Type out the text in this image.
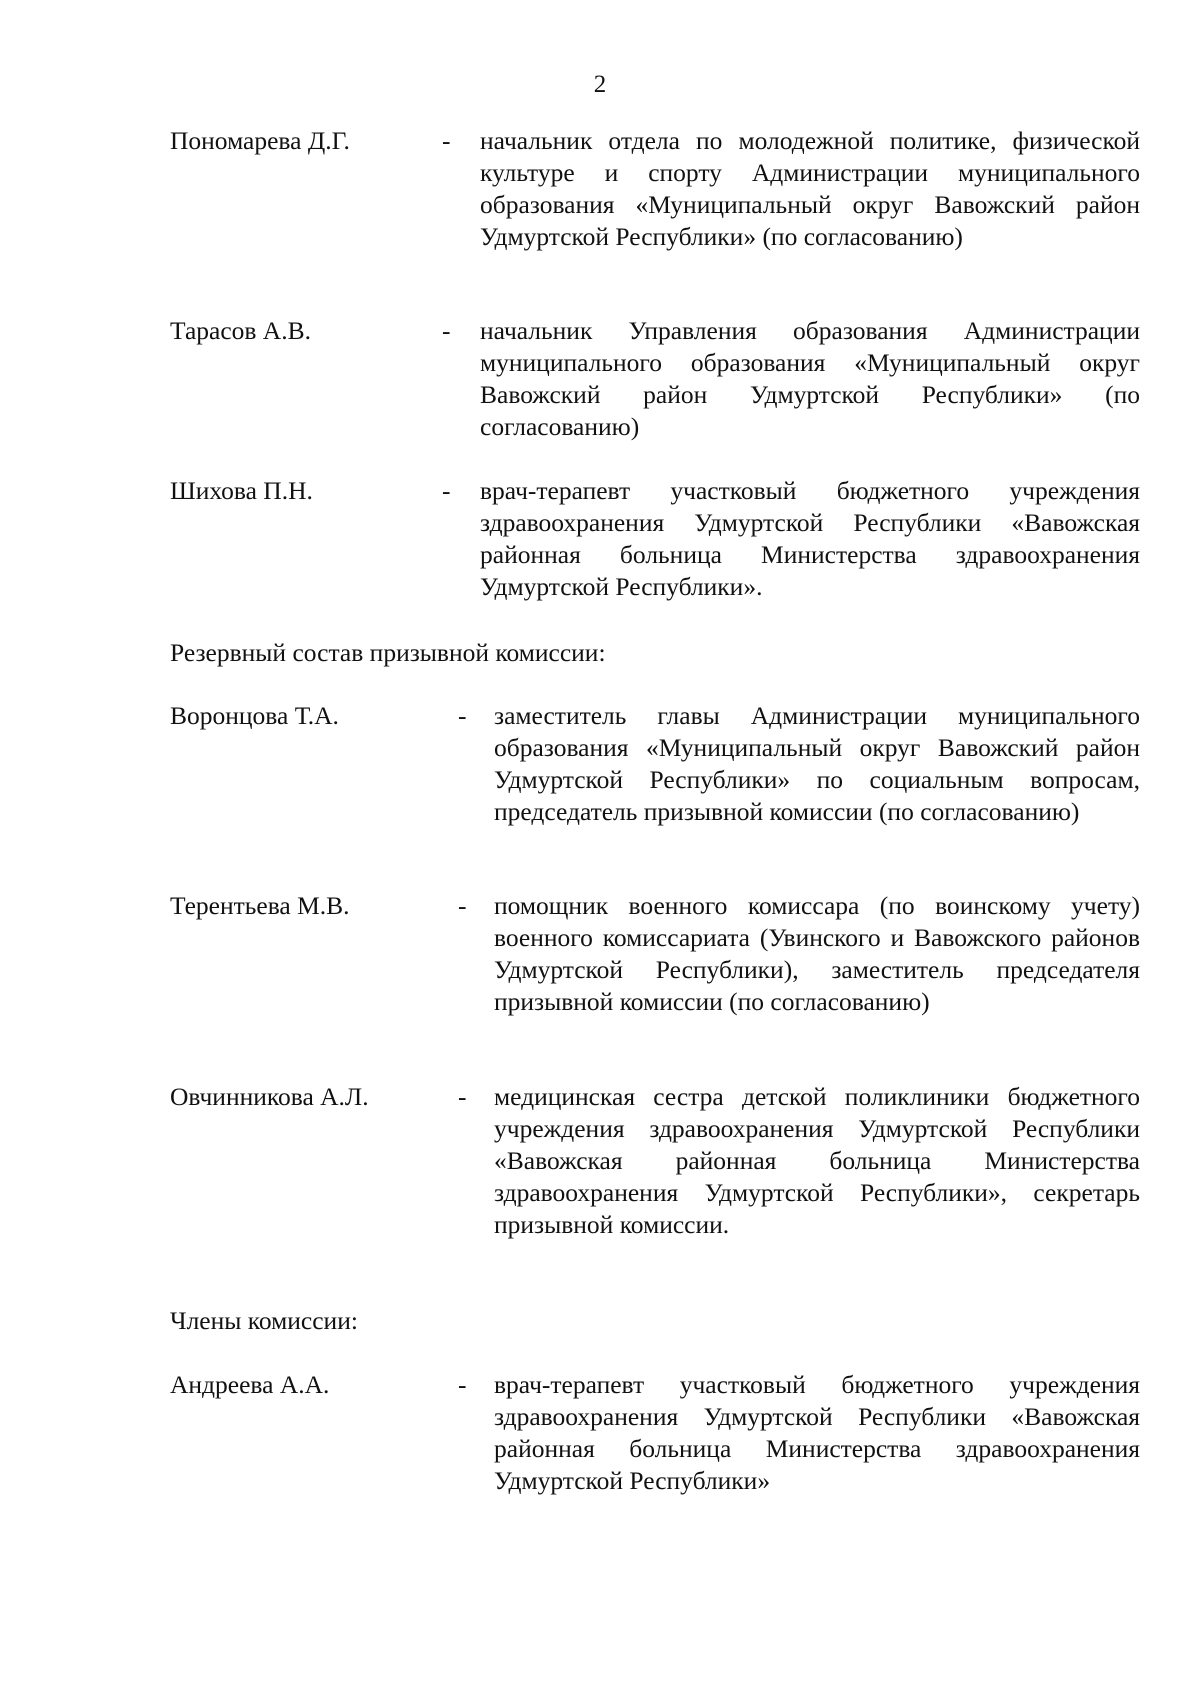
2
Пономарева Д.Г.	- начальник отдела по молодежной политике, физической культуре и спорту Администрации муниципального образования «Муниципальный округ Вавожский район Удмуртской Республики» (по согласованию)
Тарасов А.В.	- начальник Управления образования Администрации муниципального образования «Муниципальный округ Вавожский район Удмуртской Республики» (по согласованию)
Шихова П.Н.	- врач-терапевт участковый бюджетного учреждения здравоохранения Удмуртской Республики «Вавожская районная больница Министерства здравоохранения Удмуртской Республики».
Резервный состав призывной комиссии:
Воронцова Т.А.	- заместитель главы Администрации муниципального образования «Муниципальный округ Вавожский район Удмуртской Республики» по социальным вопросам, председатель призывной комиссии (по согласованию)
Терентьева М.В.	- помощник военного комиссара (по воинскому учету) военного комиссариата (Увинского и Вавожского районов Удмуртской Республики), заместитель председателя призывной комиссии (по согласованию)
Овчинникова А.Л.	- медицинская сестра детской поликлиники бюджетного учреждения здравоохранения Удмуртской Республики «Вавожская районная больница Министерства здравоохранения Удмуртской Республики», секретарь призывной комиссии.
Члены комиссии:
Андреева А.А.	- врач-терапевт участковый бюджетного учреждения здравоохранения Удмуртской Республики «Вавожская районная больница Министерства здравоохранения Удмуртской Республики»
